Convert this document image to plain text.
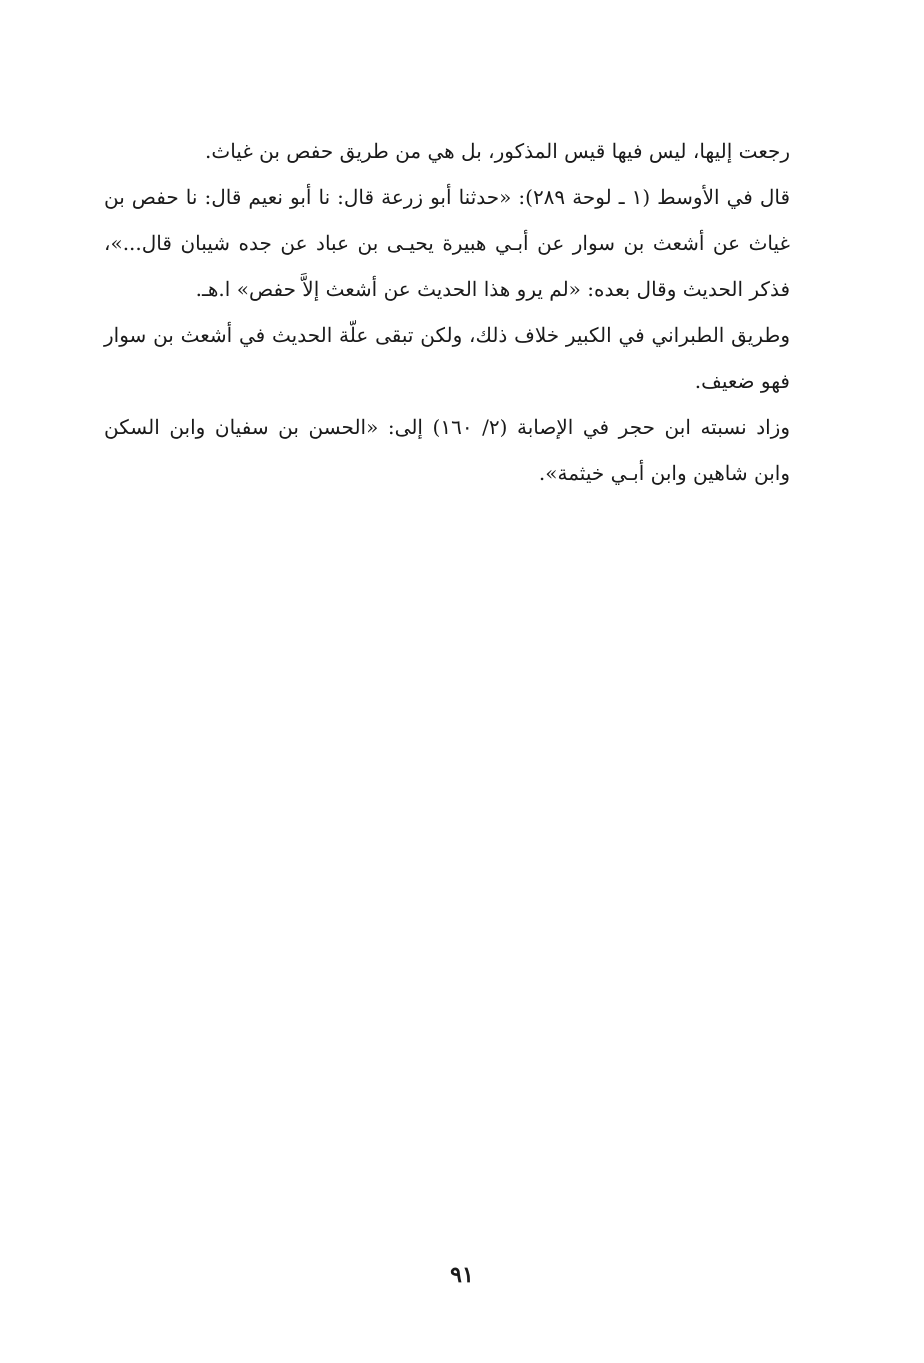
رجعت إليها، ليس فيها قيس المذكور، بل هي من طريق حفص بن غياث.

قال في الأوسط (١ ـ لوحة ٢٨٩): «حدثنا أبو زرعة قال: نا أبو نعيم قال: نا حفص بن غياث عن أشعث بن سوار عن أبـي هبيرة يحيـى بن عباد عن جده شيبان قال...»، فذكر الحديث وقال بعده: «لم يرو هذا الحديث عن أشعث إلاَّ حفص» ا.هـ.

وطريق الطبراني في الكبير خلاف ذلك، ولكن تبقى علّة الحديث في أشعث بن سوار فهو ضعيف.

وزاد نسبته ابن حجر في الإصابة (٢/ ١٦٠) إلى: «الحسن بن سفيان وابن السكن وابن شاهين وابن أبـي خيثمة».

٩١
